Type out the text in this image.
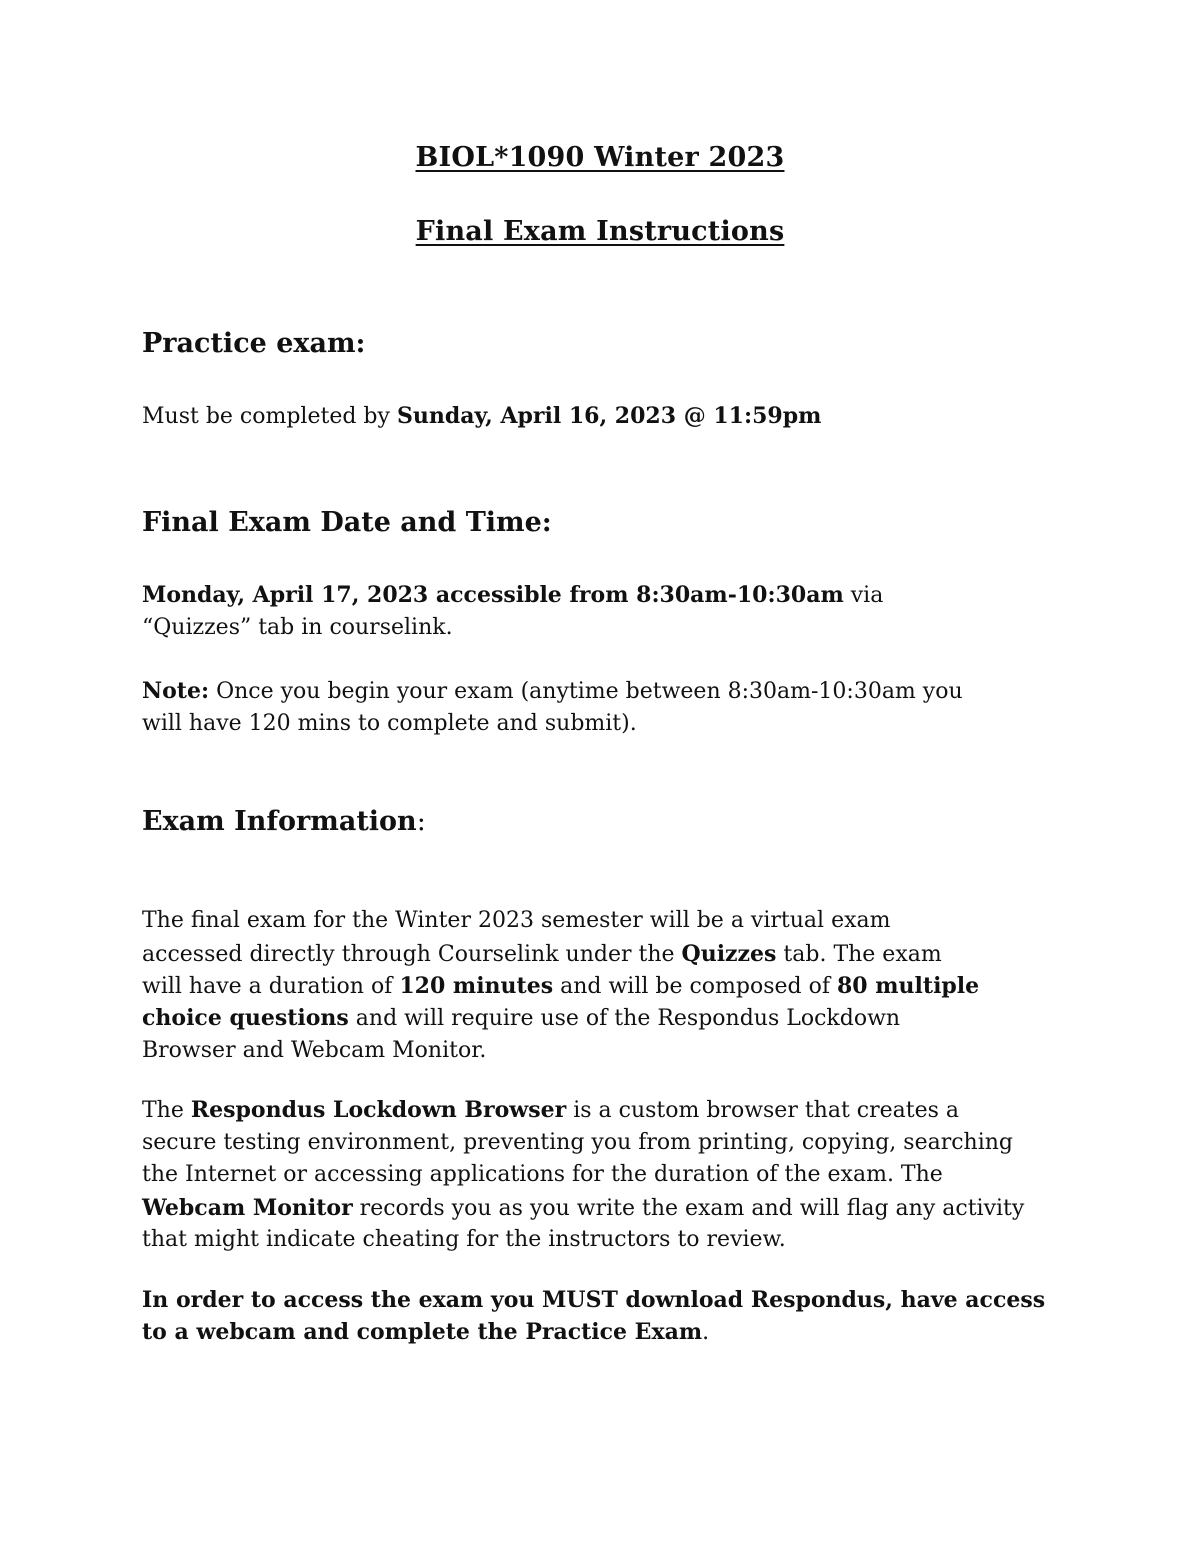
BIOL*1090 Winter 2023
Final Exam Instructions
Practice exam:
Must be completed by Sunday, April 16, 2023 @ 11:59pm
Final Exam Date and Time:
Monday, April 17, 2023 accessible from 8:30am-10:30am via
“Quizzes” tab in courselink.
Note: Once you begin your exam (anytime between 8:30am-10:30am you
will have 120 mins to complete and submit).
Exam Information:
The final exam for the Winter 2023 semester will be a virtual exam
accessed directly through Courselink under the Quizzes tab. The exam
will have a duration of 120 minutes and will be composed of 80 multiple
choice questions and will require use of the Respondus Lockdown
Browser and Webcam Monitor.
The Respondus Lockdown Browser is a custom browser that creates a
secure testing environment, preventing you from printing, copying, searching
the Internet or accessing applications for the duration of the exam. The
Webcam Monitor records you as you write the exam and will flag any activity
that might indicate cheating for the instructors to review.
In order to access the exam you MUST download Respondus, have access
to a webcam and complete the Practice Exam.
